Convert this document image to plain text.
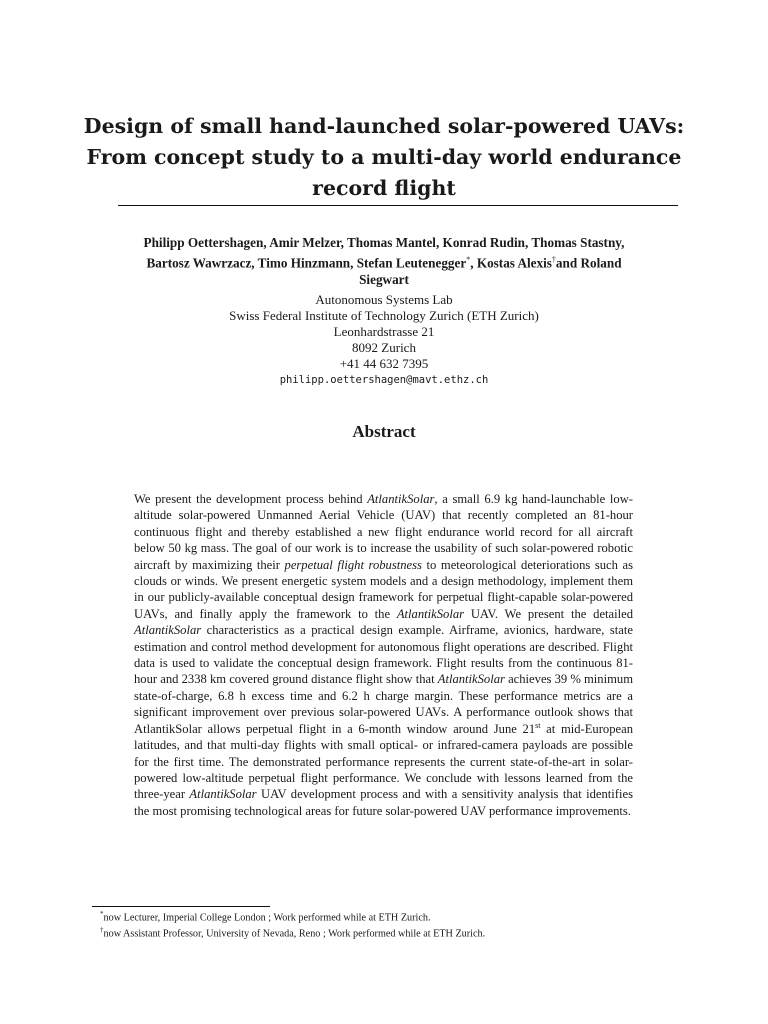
Design of small hand-launched solar-powered UAVs:
From concept study to a multi-day world endurance
record flight

Philipp Oettershagen, Amir Melzer, Thomas Mantel, Konrad Rudin, Thomas Stastny, Bartosz Wawrzacz, Timo Hinzmann, Stefan Leutenegger*, Kostas Alexis†and Roland Siegwart

Autonomous Systems Lab
Swiss Federal Institute of Technology Zurich (ETH Zurich)
Leonhardstrasse 21
8092 Zurich
+41 44 632 7395
philipp.oettershagen@mavt.ethz.ch
Abstract

We present the development process behind AtlantikSolar, a small 6.9 kg hand-launchable low-altitude solar-powered Unmanned Aerial Vehicle (UAV) that recently completed an 81-hour continuous flight and thereby established a new flight endurance world record for all aircraft below 50 kg mass. The goal of our work is to increase the usability of such solar-powered robotic aircraft by maximizing their perpetual flight robustness to meteorological deteriorations such as clouds or winds. We present energetic system models and a design methodology, implement them in our publicly-available conceptual design framework for perpetual flight-capable solar-powered UAVs, and finally apply the framework to the AtlantikSolar UAV. We present the detailed AtlantikSolar characteristics as a practical design example. Airframe, avionics, hardware, state estimation and control method development for autonomous flight operations are described. Flight data is used to validate the conceptual design framework. Flight results from the continuous 81-hour and 2338 km covered ground distance flight show that AtlantikSolar achieves 39 % minimum state-of-charge, 6.8 h excess time and 6.2 h charge margin. These performance metrics are a significant improvement over previous solar-powered UAVs. A performance outlook shows that AtlantikSolar allows perpetual flight in a 6-month window around June 21st at mid-European latitudes, and that multi-day flights with small optical- or infrared-camera payloads are possible for the first time. The demonstrated performance represents the current state-of-the-art in solar-powered low-altitude perpetual flight performance. We conclude with lessons learned from the three-year AtlantikSolar UAV development process and with a sensitivity analysis that identifies the most promising technological areas for future solar-powered UAV performance improvements.

*now Lecturer, Imperial College London ; Work performed while at ETH Zurich.
†now Assistant Professor, University of Nevada, Reno ; Work performed while at ETH Zurich.
